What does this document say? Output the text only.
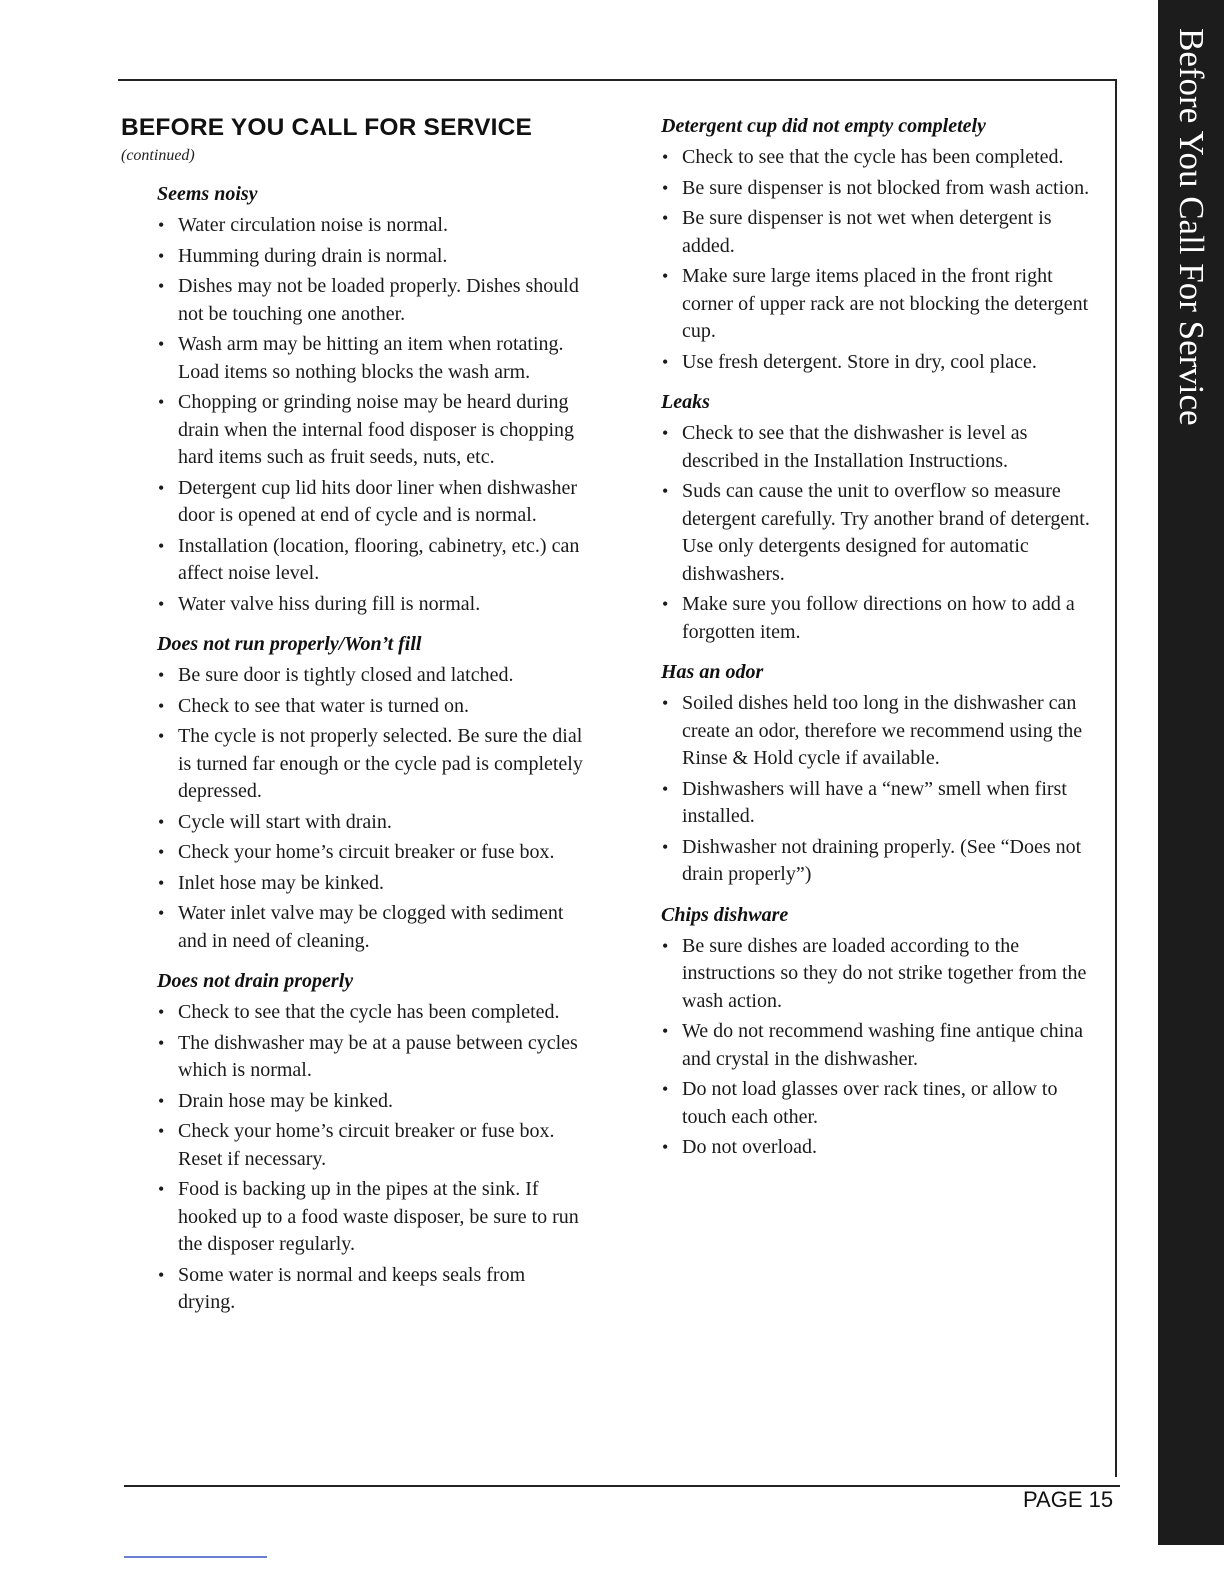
Before You Call For Service
BEFORE YOU CALL FOR SERVICE
(continued)
Seems noisy
• Water circulation noise is normal.
• Humming during drain is normal.
• Dishes may not be loaded properly. Dishes should not be touching one another.
• Wash arm may be hitting an item when rotating. Load items so nothing blocks the wash arm.
• Chopping or grinding noise may be heard during drain when the internal food disposer is chopping hard items such as fruit seeds, nuts, etc.
• Detergent cup lid hits door liner when dishwasher door is opened at end of cycle and is normal.
• Installation (location, flooring, cabinetry, etc.) can affect noise level.
• Water valve hiss during fill is normal.
Does not run properly/Won’t fill
• Be sure door is tightly closed and latched.
• Check to see that water is turned on.
• The cycle is not properly selected. Be sure the dial is turned far enough or the cycle pad is completely depressed.
• Cycle will start with drain.
• Check your home’s circuit breaker or fuse box.
• Inlet hose may be kinked.
• Water inlet valve may be clogged with sediment and in need of cleaning.
Does not drain properly
• Check to see that the cycle has been completed.
• The dishwasher may be at a pause between cycles which is normal.
• Drain hose may be kinked.
• Check your home’s circuit breaker or fuse box. Reset if necessary.
• Food is backing up in the pipes at the sink. If hooked up to a food waste disposer, be sure to run the disposer regularly.
• Some water is normal and keeps seals from drying.
Detergent cup did not empty completely
• Check to see that the cycle has been completed.
• Be sure dispenser is not blocked from wash action.
• Be sure dispenser is not wet when detergent is added.
• Make sure large items placed in the front right corner of upper rack are not blocking the detergent cup.
• Use fresh detergent. Store in dry, cool place.
Leaks
• Check to see that the dishwasher is level as described in the Installation Instructions.
• Suds can cause the unit to overflow so measure detergent carefully. Try another brand of detergent. Use only detergents designed for automatic dishwashers.
• Make sure you follow directions on how to add a forgotten item.
Has an odor
• Soiled dishes held too long in the dishwasher can create an odor, therefore we recommend using the Rinse & Hold cycle if available.
• Dishwashers will have a “new” smell when first installed.
• Dishwasher not draining properly. (See “Does not drain properly”)
Chips dishware
• Be sure dishes are loaded according to the instructions so they do not strike together from the wash action.
• We do not recommend washing fine antique china and crystal in the dishwasher.
• Do not load glasses over rack tines, or allow to touch each other.
• Do not overload.
PAGE 15
